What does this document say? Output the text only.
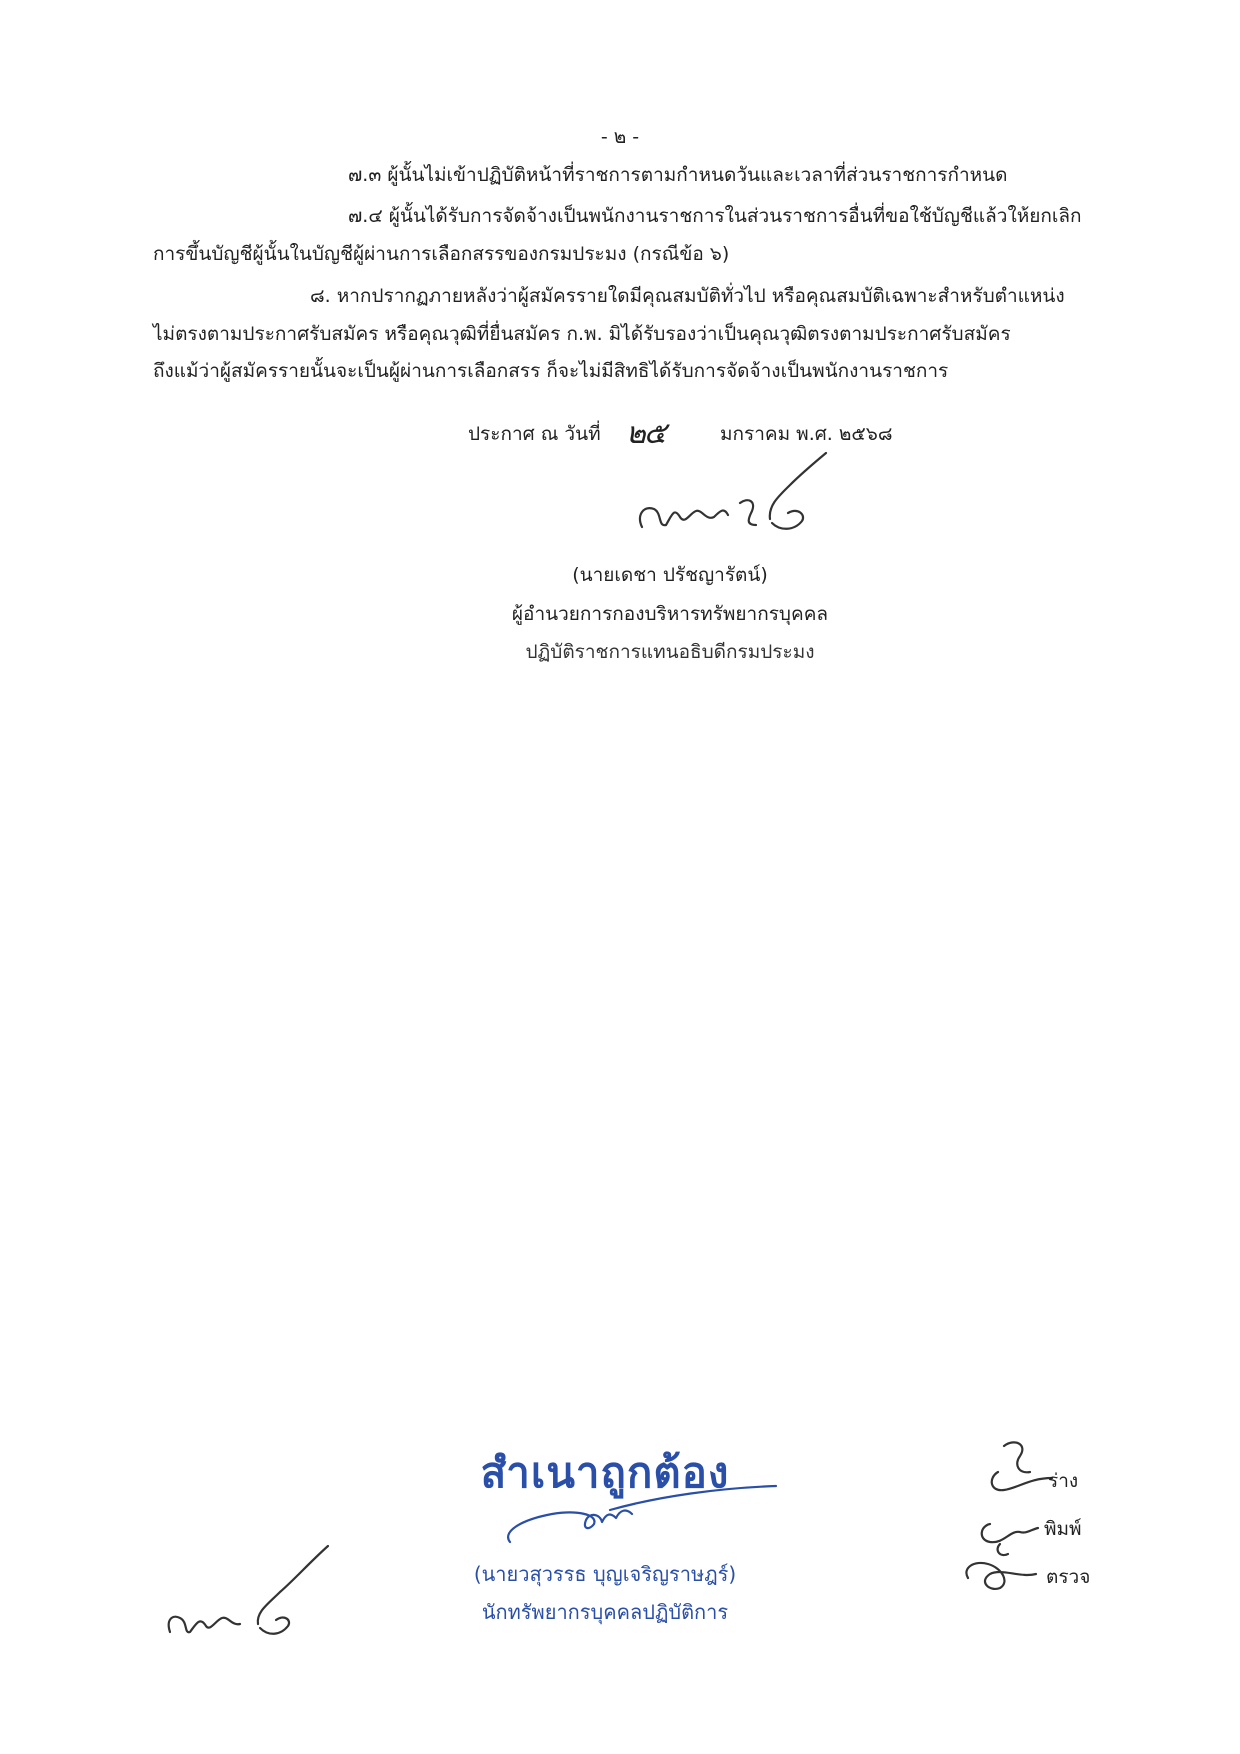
- ๒ -
๗.๓ ผู้นั้นไม่เข้าปฏิบัติหน้าที่ราชการตามกำหนดวันและเวลาที่ส่วนราชการกำหนด
๗.๔ ผู้นั้นได้รับการจัดจ้างเป็นพนักงานราชการในส่วนราชการอื่นที่ขอใช้บัญชีแล้วให้ยกเลิก
การขึ้นบัญชีผู้นั้นในบัญชีผู้ผ่านการเลือกสรรของกรมประมง (กรณีข้อ ๖)
๘. หากปรากฏภายหลังว่าผู้สมัครรายใดมีคุณสมบัติทั่วไป หรือคุณสมบัติเฉพาะสำหรับตำแหน่ง
ไม่ตรงตามประกาศรับสมัคร หรือคุณวุฒิที่ยื่นสมัคร ก.พ. มิได้รับรองว่าเป็นคุณวุฒิตรงตามประกาศรับสมัคร
ถึงแม้ว่าผู้สมัครรายนั้นจะเป็นผู้ผ่านการเลือกสรร ก็จะไม่มีสิทธิได้รับการจัดจ้างเป็นพนักงานราชการ
ประกาศ ณ วันที่ ๒๕	มกราคม พ.ศ. ๒๕๖๘
(นายเดชา ปรัชญารัตน์)
ผู้อำนวยการกองบริหารทรัพยากรบุคคล
ปฏิบัติราชการแทนอธิบดีกรมประมง
สำเนาถูกต้อง
(นายวสุวรรธ บุญเจริญราษฎร์)
นักทรัพยากรบุคคลปฏิบัติการ
ร่าง
พิมพ์
ตรวจ
